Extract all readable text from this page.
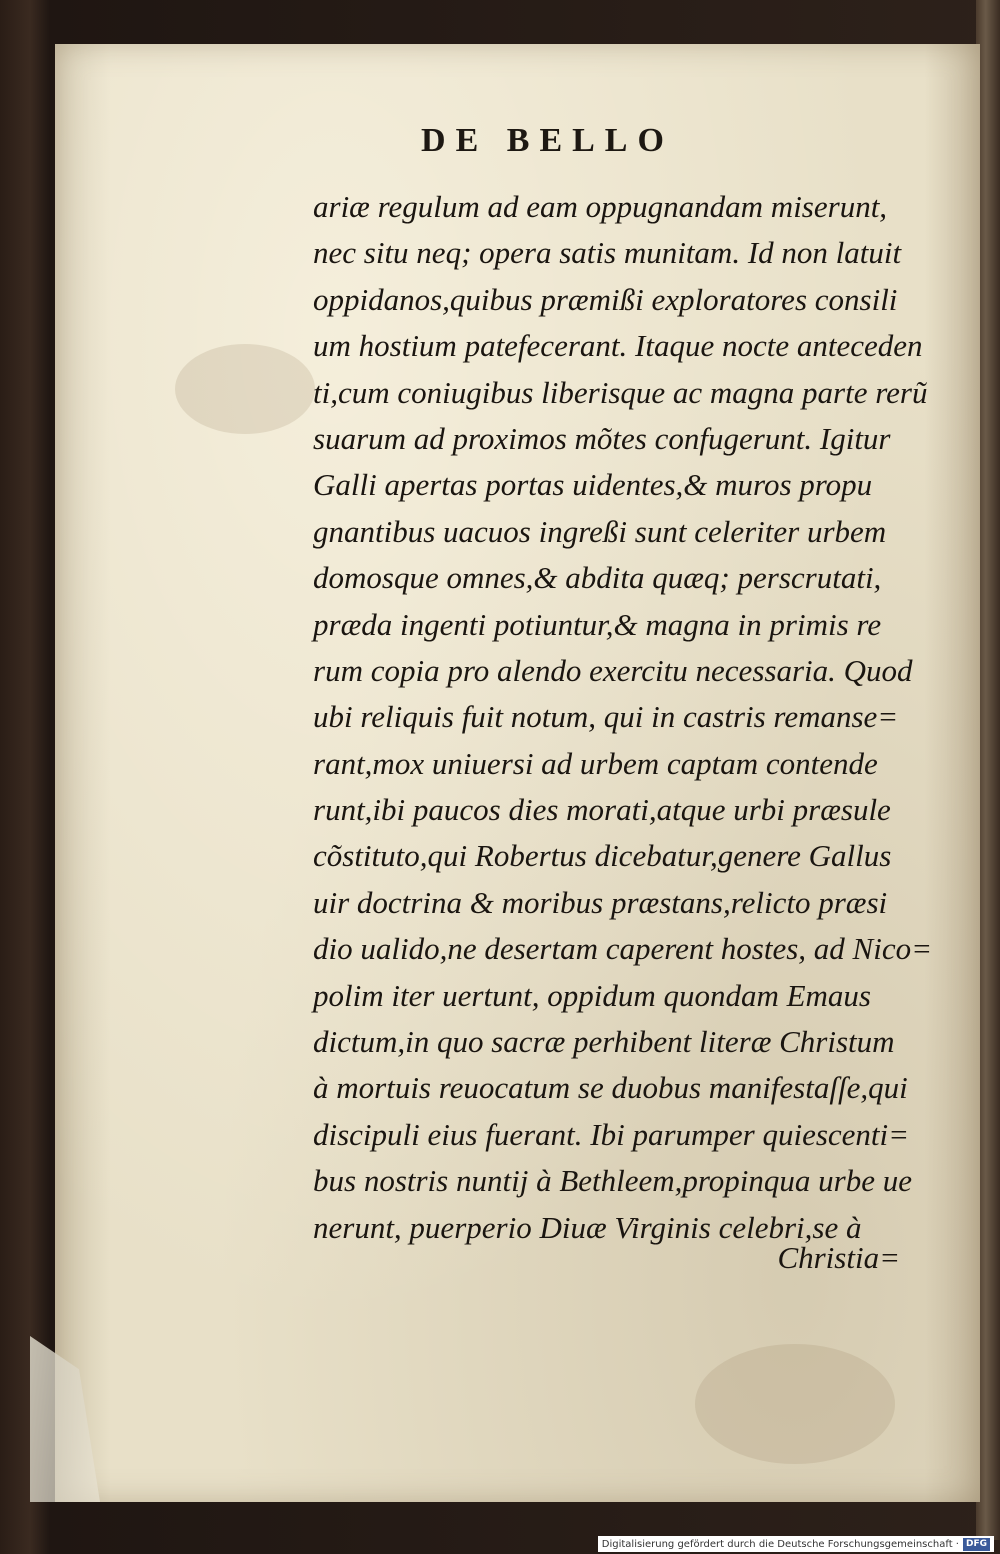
DE BELLO
ariæ regulum ad eam oppugnandam miserunt,
nec situ neq; opera satis munitam. Id non latuit
oppidanos,quibus præmißi exploratores consili
um hostium patefecerant. Itaque nocte anteceden
ti,cum coniugibus liberisque ac magna parte rerũ
suarum ad proximos mõtes confugerunt. Igitur
Galli apertas portas uidentes,& muros propu
gnantibus uacuos ingreßi sunt celeriter urbem
domosque omnes,& abdita quæq; perscrutati,
præda ingenti potiuntur,& magna in primis re
rum copia pro alendo exercitu necessaria. Quod
ubi reliquis fuit notum, qui in castris remanse=
rant,mox uniuersi ad urbem captam contende
runt,ibi paucos dies morati,atque urbi præsule
cõstituto,qui Robertus dicebatur,genere Gallus
uir doctrina & moribus præstans,relicto præsi
dio ualido,ne desertam caperent hostes, ad Nico=
polim iter uertunt, oppidum quondam Emaus
dictum,in quo sacræ perhibent literæ Christum
à mortuis reuocatum se duobus manifestaſſe,qui
discipuli eius fuerant. Ibi parumper quiescenti=
bus nostris nuntij à Bethleem,propinqua urbe ue
nerunt, puerperio Diuæ Virginis celebri,se à
Christia=
Digitalisierung gefördert durch die Deutsche Forschungsgemeinschaft · DFG
